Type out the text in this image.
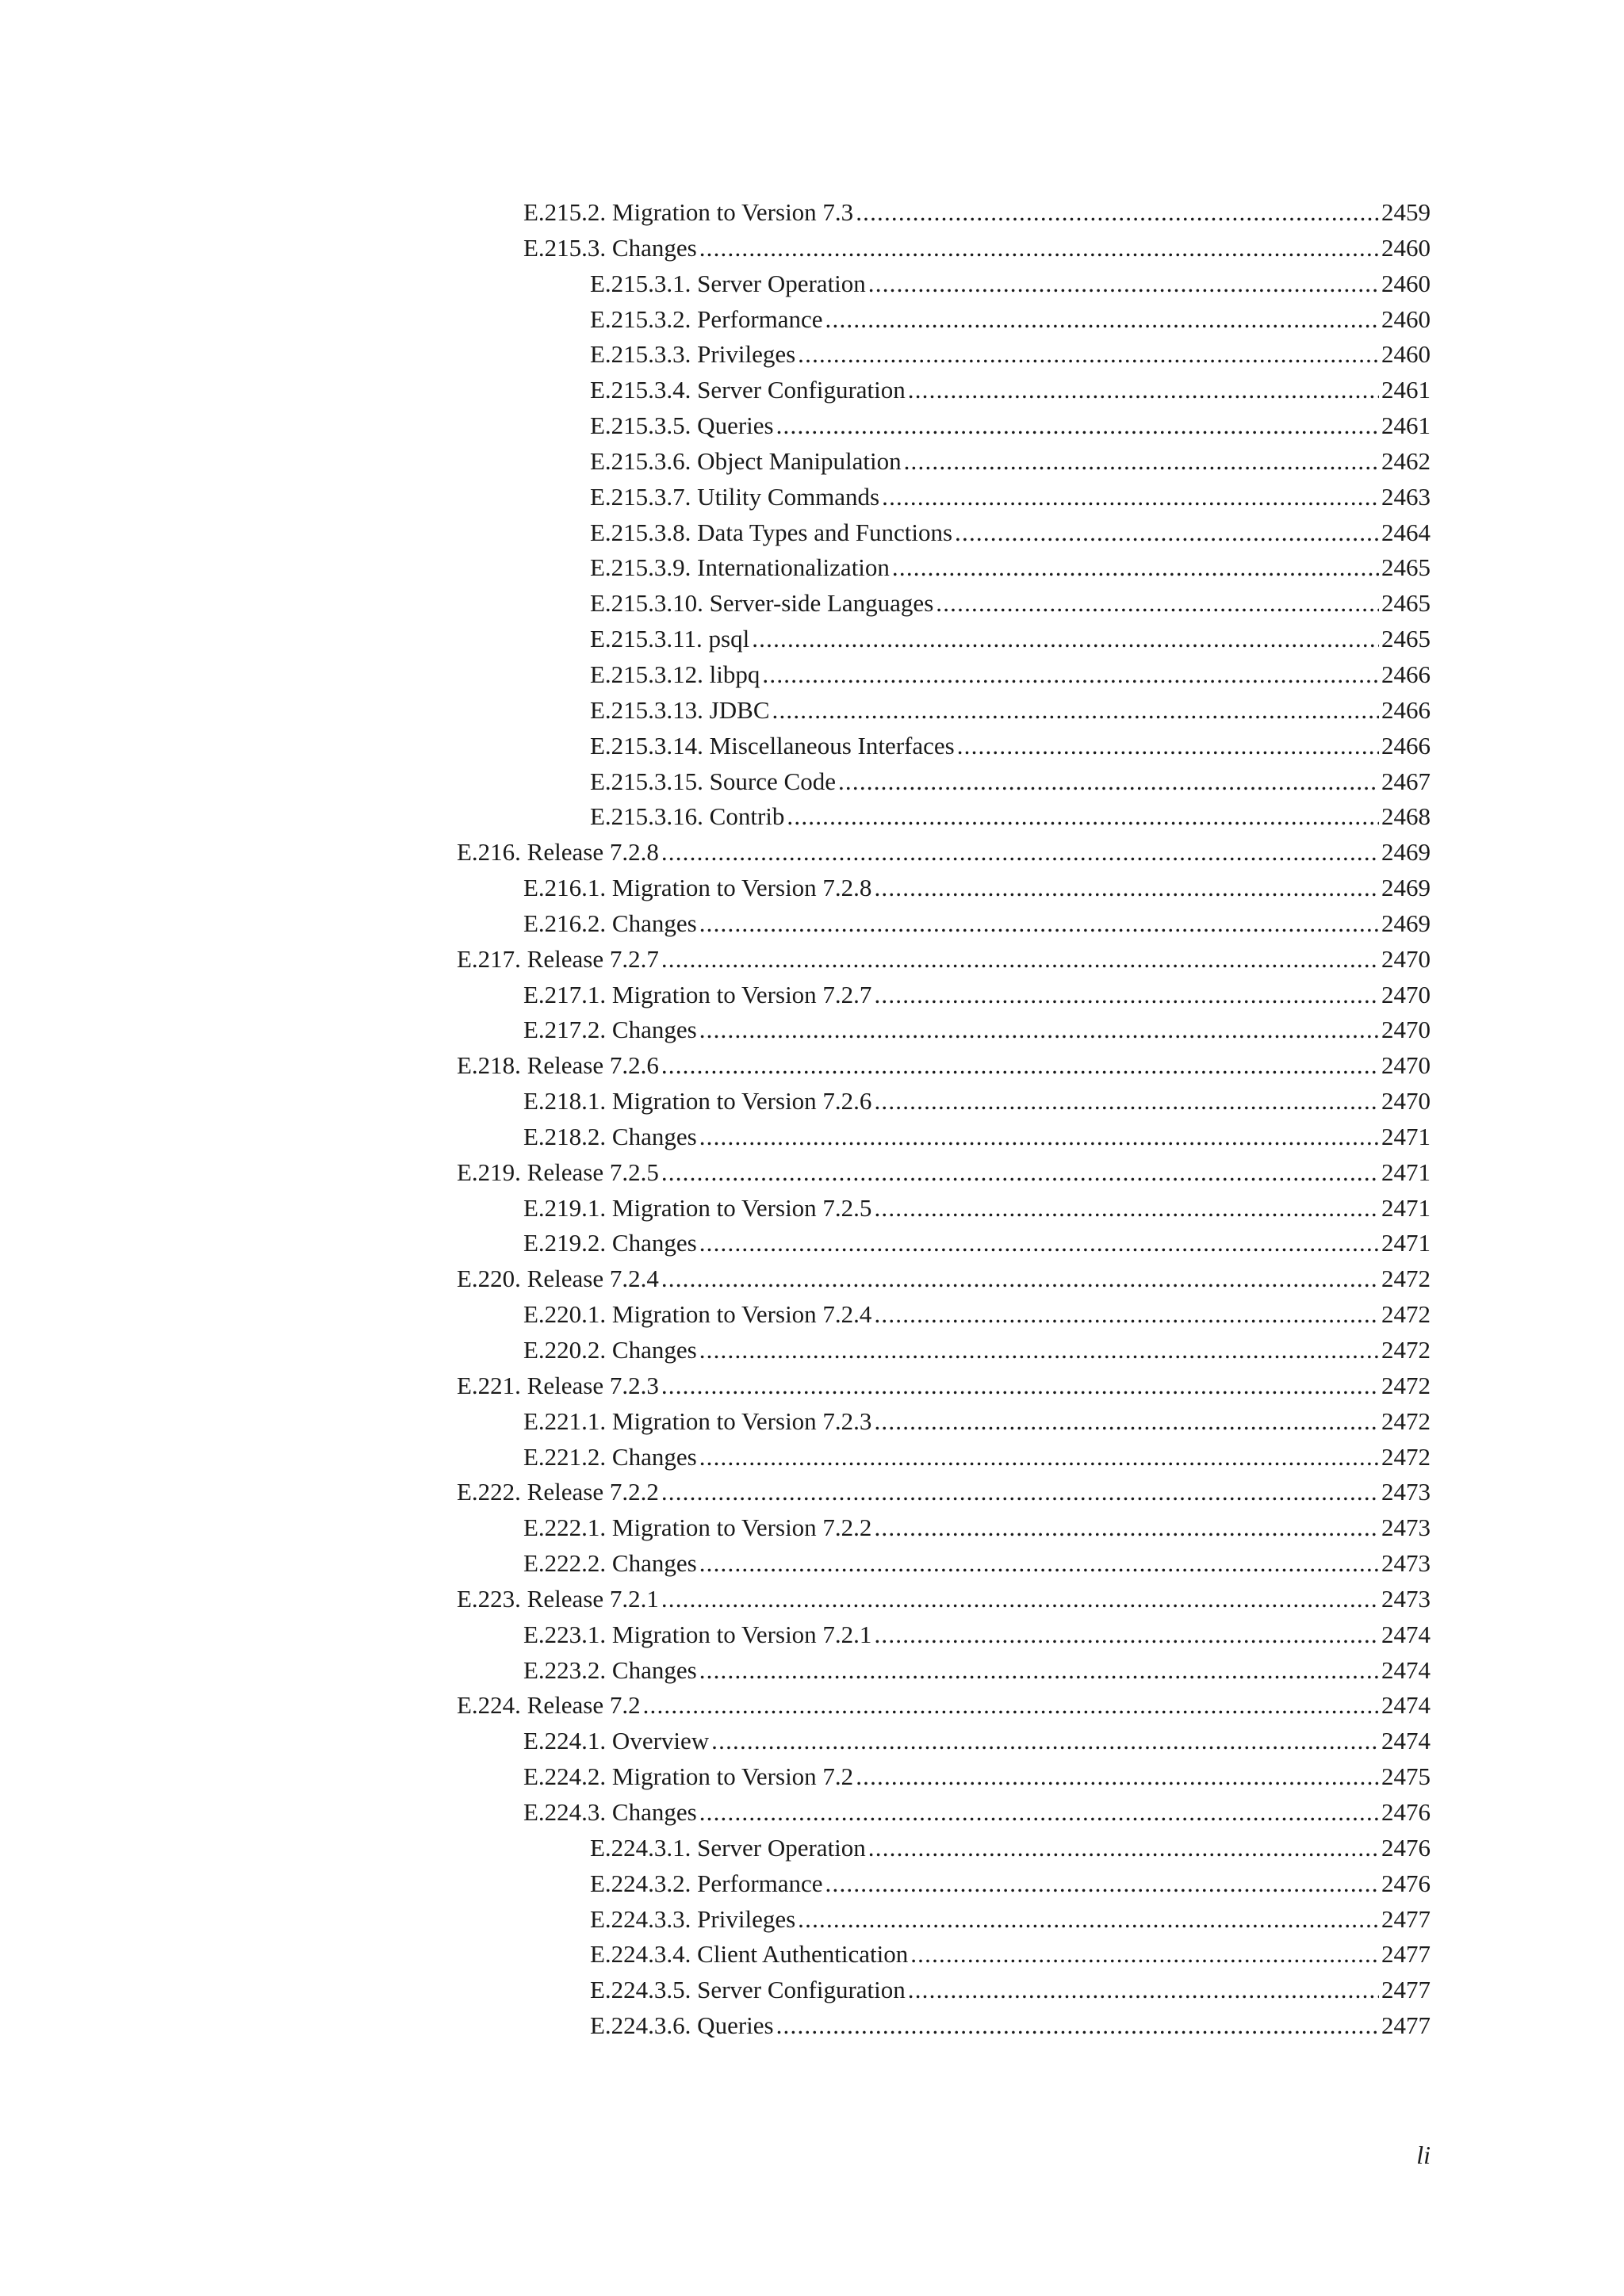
E.215.2. Migration to Version 7.3 .....	2459
E.215.3. Changes .....	2460
E.215.3.1. Server Operation .....	2460
E.215.3.2. Performance .....	2460
E.215.3.3. Privileges .....	2460
E.215.3.4. Server Configuration .....	2461
E.215.3.5. Queries .....	2461
E.215.3.6. Object Manipulation .....	2462
E.215.3.7. Utility Commands .....	2463
E.215.3.8. Data Types and Functions .....	2464
E.215.3.9. Internationalization .....	2465
E.215.3.10. Server-side Languages .....	2465
E.215.3.11. psql .....	2465
E.215.3.12. libpq .....	2466
E.215.3.13. JDBC .....	2466
E.215.3.14. Miscellaneous Interfaces .....	2466
E.215.3.15. Source Code .....	2467
E.215.3.16. Contrib .....	2468
E.216. Release 7.2.8 .....	2469
E.216.1. Migration to Version 7.2.8 .....	2469
E.216.2. Changes .....	2469
E.217. Release 7.2.7 .....	2470
E.217.1. Migration to Version 7.2.7 .....	2470
E.217.2. Changes .....	2470
E.218. Release 7.2.6 .....	2470
E.218.1. Migration to Version 7.2.6 .....	2470
E.218.2. Changes .....	2471
E.219. Release 7.2.5 .....	2471
E.219.1. Migration to Version 7.2.5 .....	2471
E.219.2. Changes .....	2471
E.220. Release 7.2.4 .....	2472
E.220.1. Migration to Version 7.2.4 .....	2472
E.220.2. Changes .....	2472
E.221. Release 7.2.3 .....	2472
E.221.1. Migration to Version 7.2.3 .....	2472
E.221.2. Changes .....	2472
E.222. Release 7.2.2 .....	2473
E.222.1. Migration to Version 7.2.2 .....	2473
E.222.2. Changes .....	2473
E.223. Release 7.2.1 .....	2473
E.223.1. Migration to Version 7.2.1 .....	2474
E.223.2. Changes .....	2474
E.224. Release 7.2 .....	2474
E.224.1. Overview .....	2474
E.224.2. Migration to Version 7.2 .....	2475
E.224.3. Changes .....	2476
E.224.3.1. Server Operation .....	2476
E.224.3.2. Performance .....	2476
E.224.3.3. Privileges .....	2477
E.224.3.4. Client Authentication .....	2477
E.224.3.5. Server Configuration .....	2477
E.224.3.6. Queries .....	2477
li
